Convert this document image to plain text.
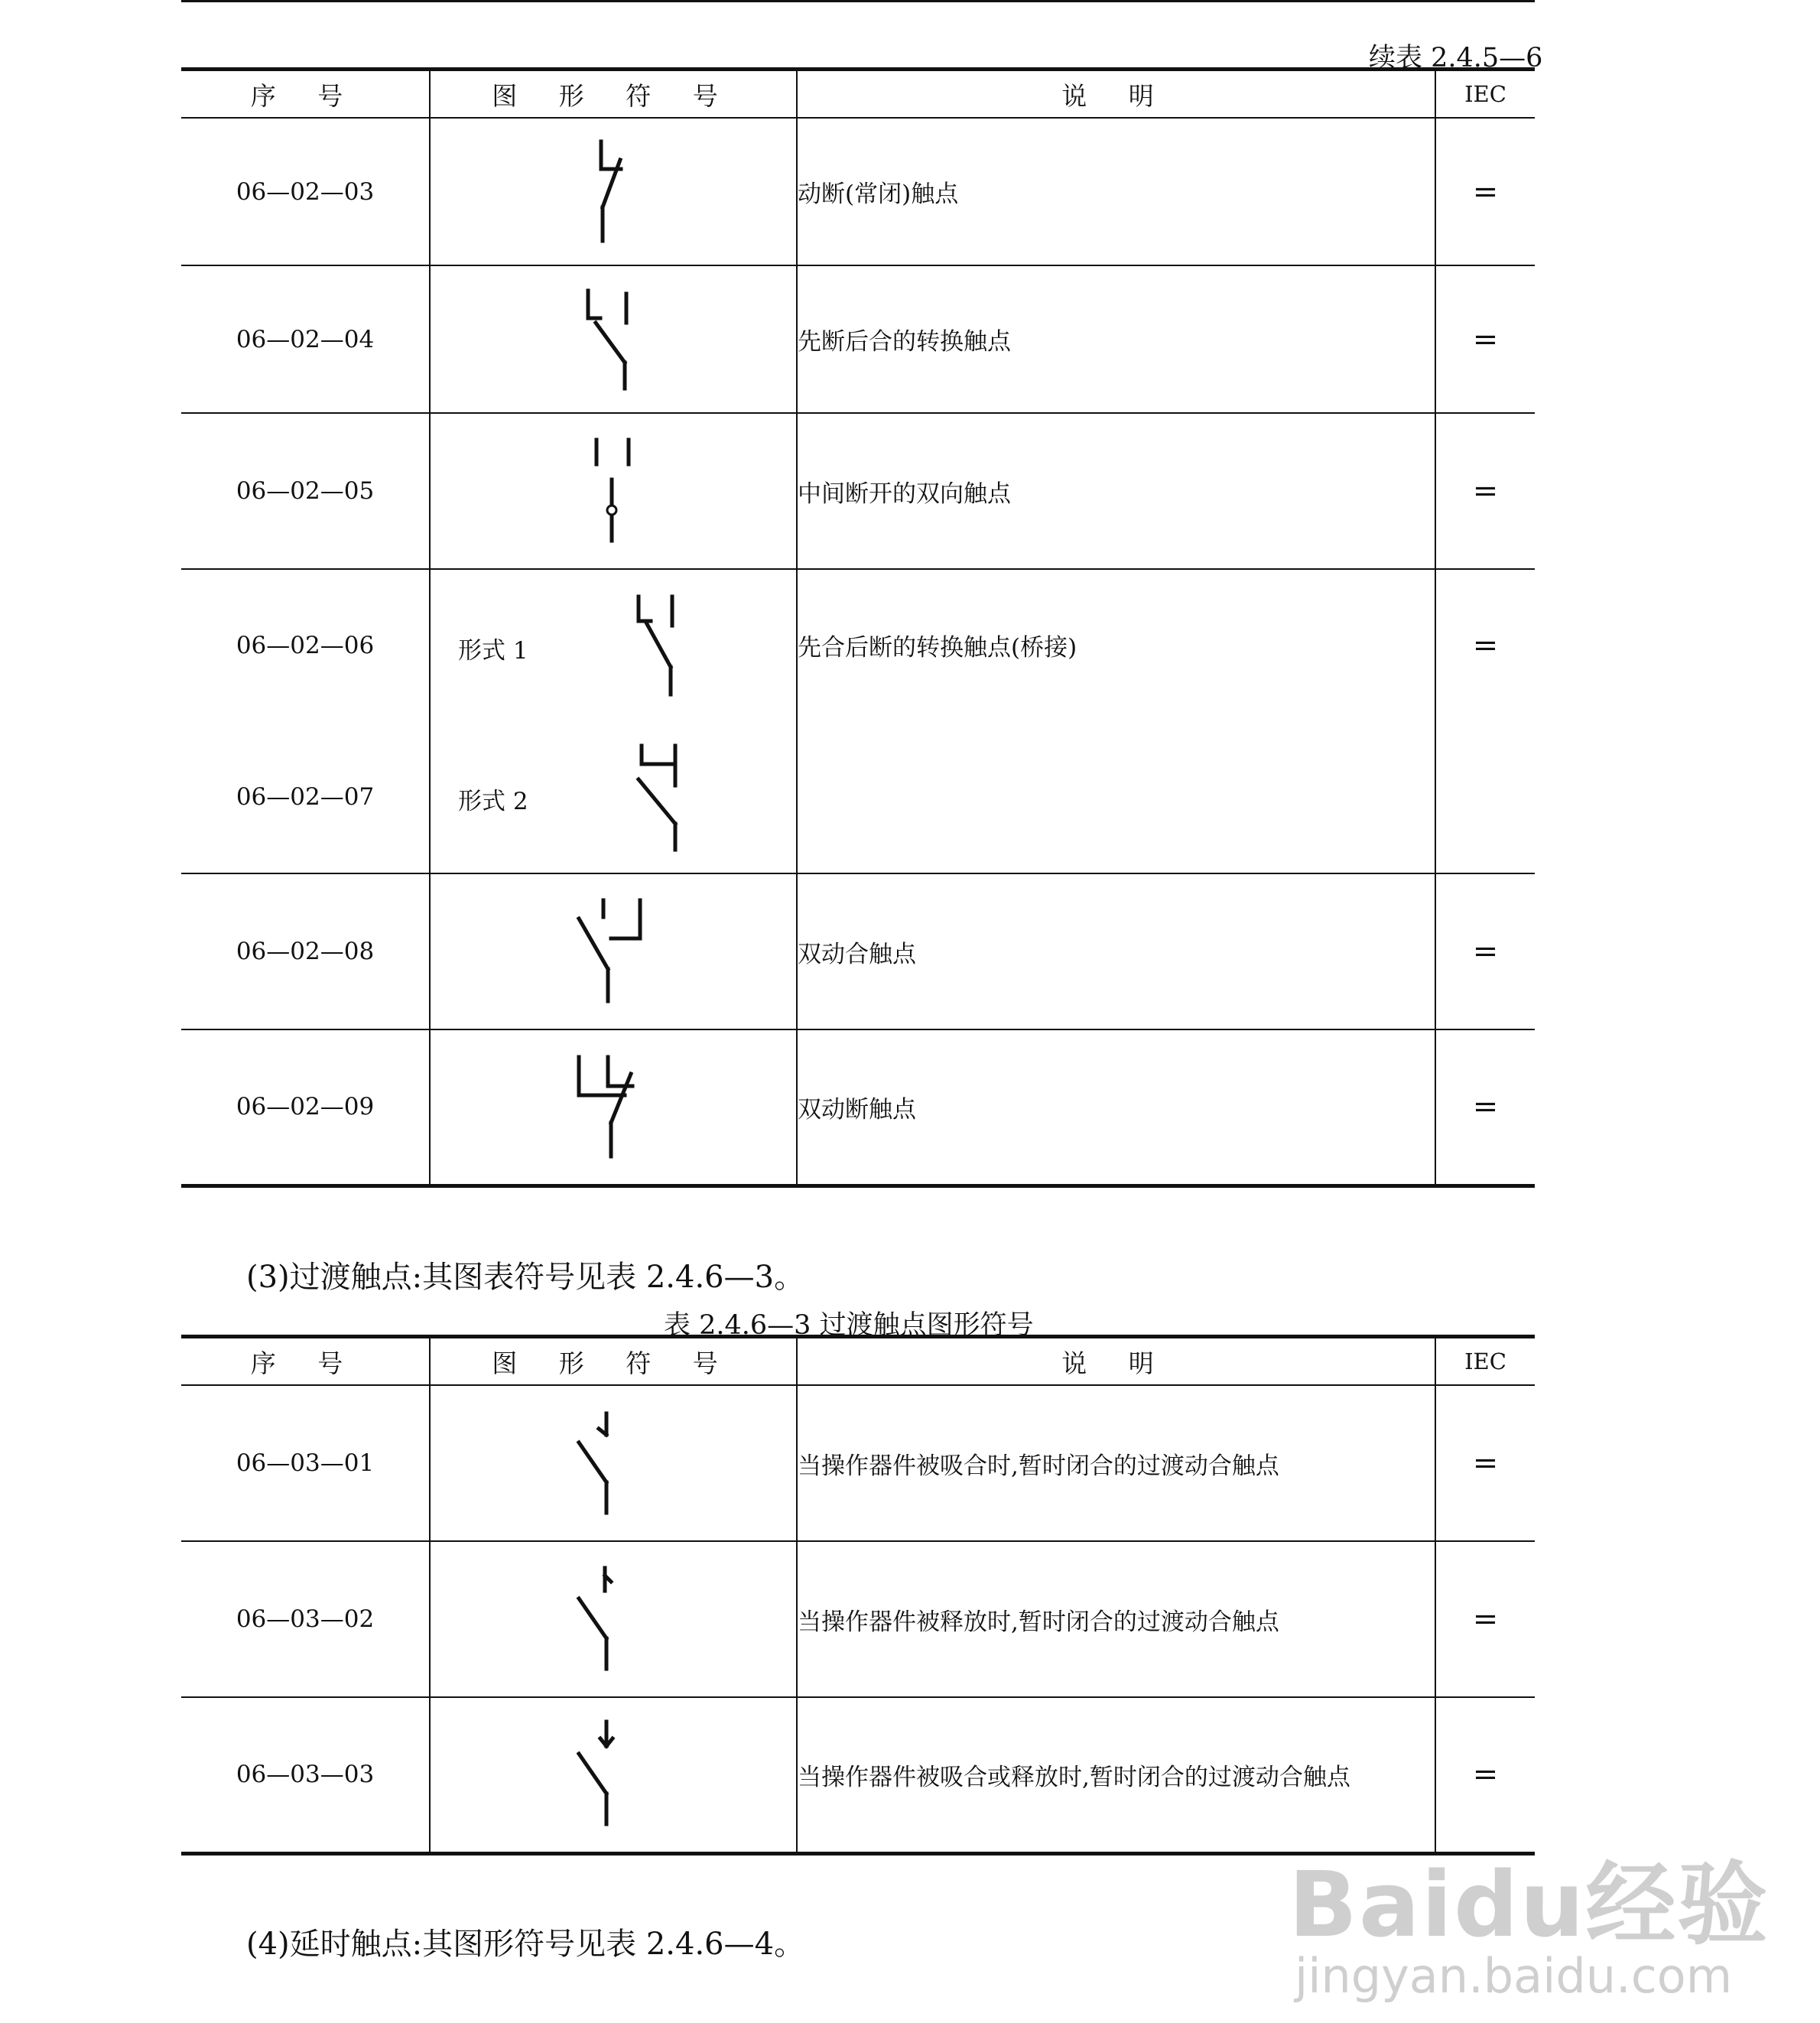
续表 2.4.5—6
序 号	图 形 符 号	说 明	IEC
06—02—03		动断(常闭)触点	=
06—02—04		先断后合的转换触点	=
06—02—05		中间断开的双向触点	=
06—02—06	形式 1	先合后断的转换触点(桥接)	=
06—02—07	形式 2		

06—02—08		双动合触点	=
06—02—09		双动断触点	=
(3)过渡触点:其图表符号见表 2.4.6—3。
表 2.4.6—3 过渡触点图形符号
序 号	图 形 符 号	说 明	IEC
06—03—01		当操作器件被吸合时,暂时闭合的过渡动合触点	=
06—03—02		当操作器件被释放时,暂时闭合的过渡动合触点	=
06—03—03		当操作器件被吸合或释放时,暂时闭合的过渡动合触点	=
(4)延时触点:其图形符号见表 2.4.6—4。	Baidu经验
jingyan.baidu.com
